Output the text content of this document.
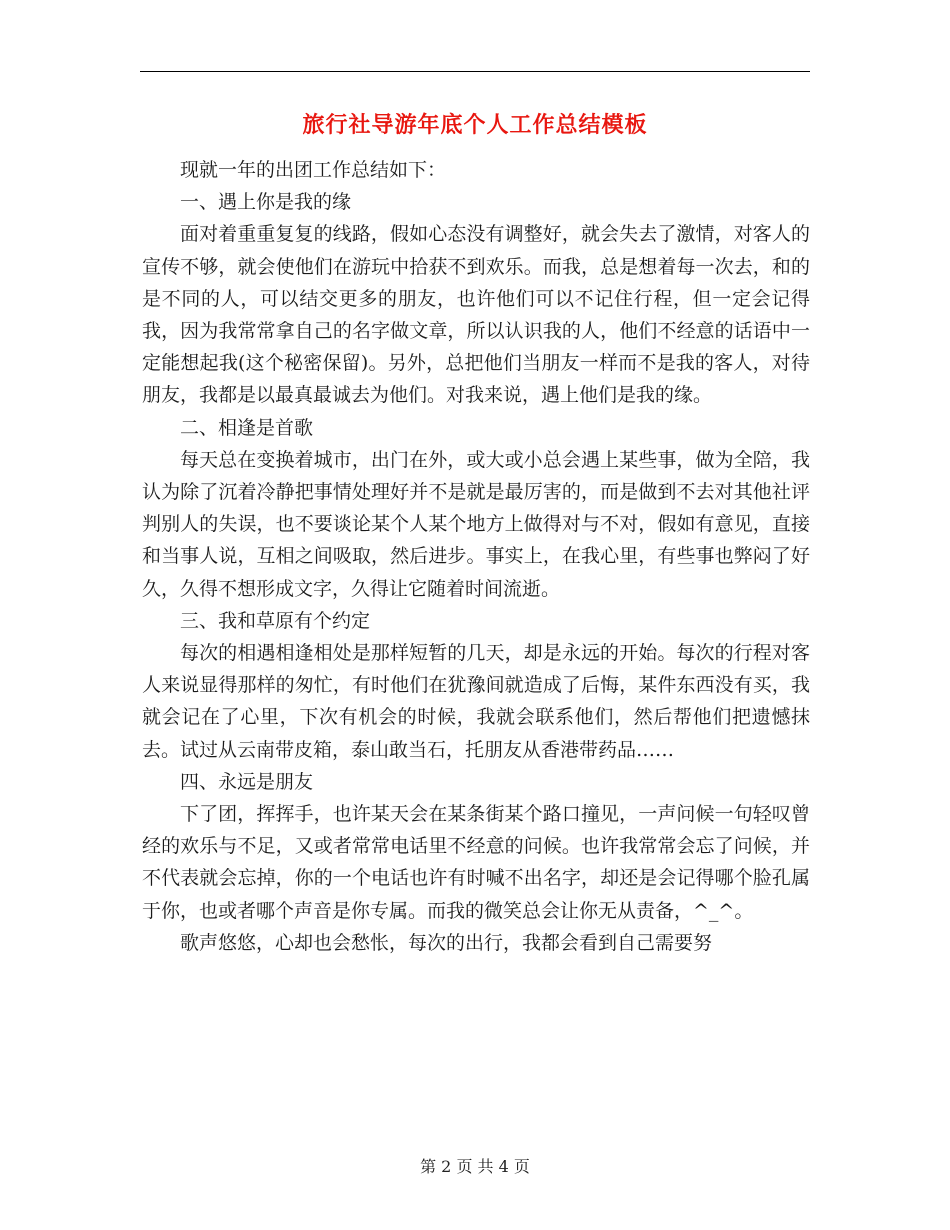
旅行社导游年底个人工作总结模板

现就一年的出团工作总结如下：

一、遇上你是我的缘

面对着重重复复的线路，假如心态没有调整好，就会失去了激情，对客人的宣传不够，就会使他们在游玩中拾获不到欢乐。而我，总是想着每一次去，和的是不同的人，可以结交更多的朋友，也许他们可以不记住行程，但一定会记得我，因为我常常拿自己的名字做文章，所以认识我的人，他们不经意的话语中一定能想起我(这个秘密保留)。另外，总把他们当朋友一样而不是我的客人，对待朋友，我都是以最真最诚去为他们。对我来说，遇上他们是我的缘。

二、相逢是首歌

每天总在变换着城市，出门在外，或大或小总会遇上某些事，做为全陪，我认为除了沉着冷静把事情处理好并不是就是最厉害的，而是做到不去对其他社评判别人的失误，也不要谈论某个人某个地方上做得对与不对，假如有意见，直接和当事人说，互相之间吸取，然后进步。事实上，在我心里，有些事也弊闷了好久，久得不想形成文字，久得让它随着时间流逝。

三、我和草原有个约定

每次的相遇相逢相处是那样短暂的几天，却是永远的开始。每次的行程对客人来说显得那样的匆忙，有时他们在犹豫间就造成了后悔，某件东西没有买，我就会记在了心里，下次有机会的时候，我就会联系他们，然后帮他们把遗憾抹去。试过从云南带皮箱，泰山敢当石，托朋友从香港带药品……

四、永远是朋友

下了团，挥挥手，也许某天会在某条街某个路口撞见，一声问候一句轻叹曾经的欢乐与不足，又或者常常电话里不经意的问候。也许我常常会忘了问候，并不代表就会忘掉，你的一个电话也许有时喊不出名字，却还是会记得哪个脸孔属于你，也或者哪个声音是你专属。而我的微笑总会让你无从责备，^_^。

歌声悠悠，心却也会愁怅，每次的出行，我都会看到自己需要努

第 2 页 共 4 页
